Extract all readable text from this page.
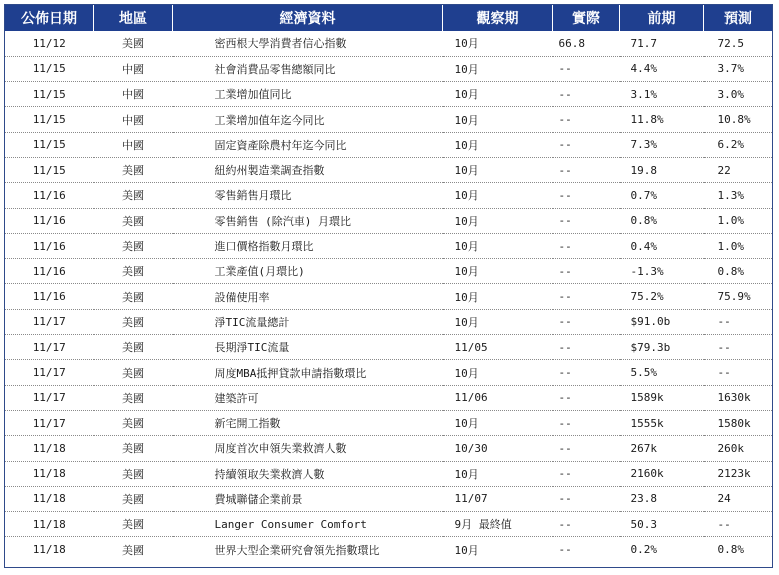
公佈日期	地區	經濟資料	觀察期	實際	前期	預測
11/12	美國	密西根大學消費者信心指數	10月	66.8	71.7	72.5
11/15	中國	社會消費品零售總額同比	10月	--	4.4%	3.7%
11/15	中國	工業增加值同比	10月	--	3.1%	3.0%
11/15	中國	工業增加值年迄今同比	10月	--	11.8%	10.8%
11/15	中國	固定資產除農村年迄今同比	10月	--	7.3%	6.2%
11/15	美國	紐約州製造業調查指數	10月	--	19.8	22
11/16	美國	零售銷售月環比	10月	--	0.7%	1.3%
11/16	美國	零售銷售 (除汽車) 月環比	10月	--	0.8%	1.0%
11/16	美國	進口價格指數月環比	10月	--	0.4%	1.0%
11/16	美國	工業產值(月環比)	10月	--	-1.3%	0.8%
11/16	美國	設備使用率	10月	--	75.2%	75.9%
11/17	美國	淨TIC流量總計	10月	--	$91.0b	--
11/17	美國	長期淨TIC流量	11/05	--	$79.3b	--
11/17	美國	周度MBA抵押貸款申請指數環比	10月	--	5.5%	--
11/17	美國	建築許可	11/06	--	1589k	1630k
11/17	美國	新宅開工指數	10月	--	1555k	1580k
11/18	美國	周度首次申領失業救濟人數	10/30	--	267k	260k
11/18	美國	持續領取失業救濟人數	10月	--	2160k	2123k
11/18	美國	費城聯儲企業前景	11/07	--	23.8	24
11/18	美國	Langer Consumer Comfort	9月 最終值	--	50.3	--
11/18	美國	世界大型企業研究會領先指數環比	10月	--	0.2%	0.8%
